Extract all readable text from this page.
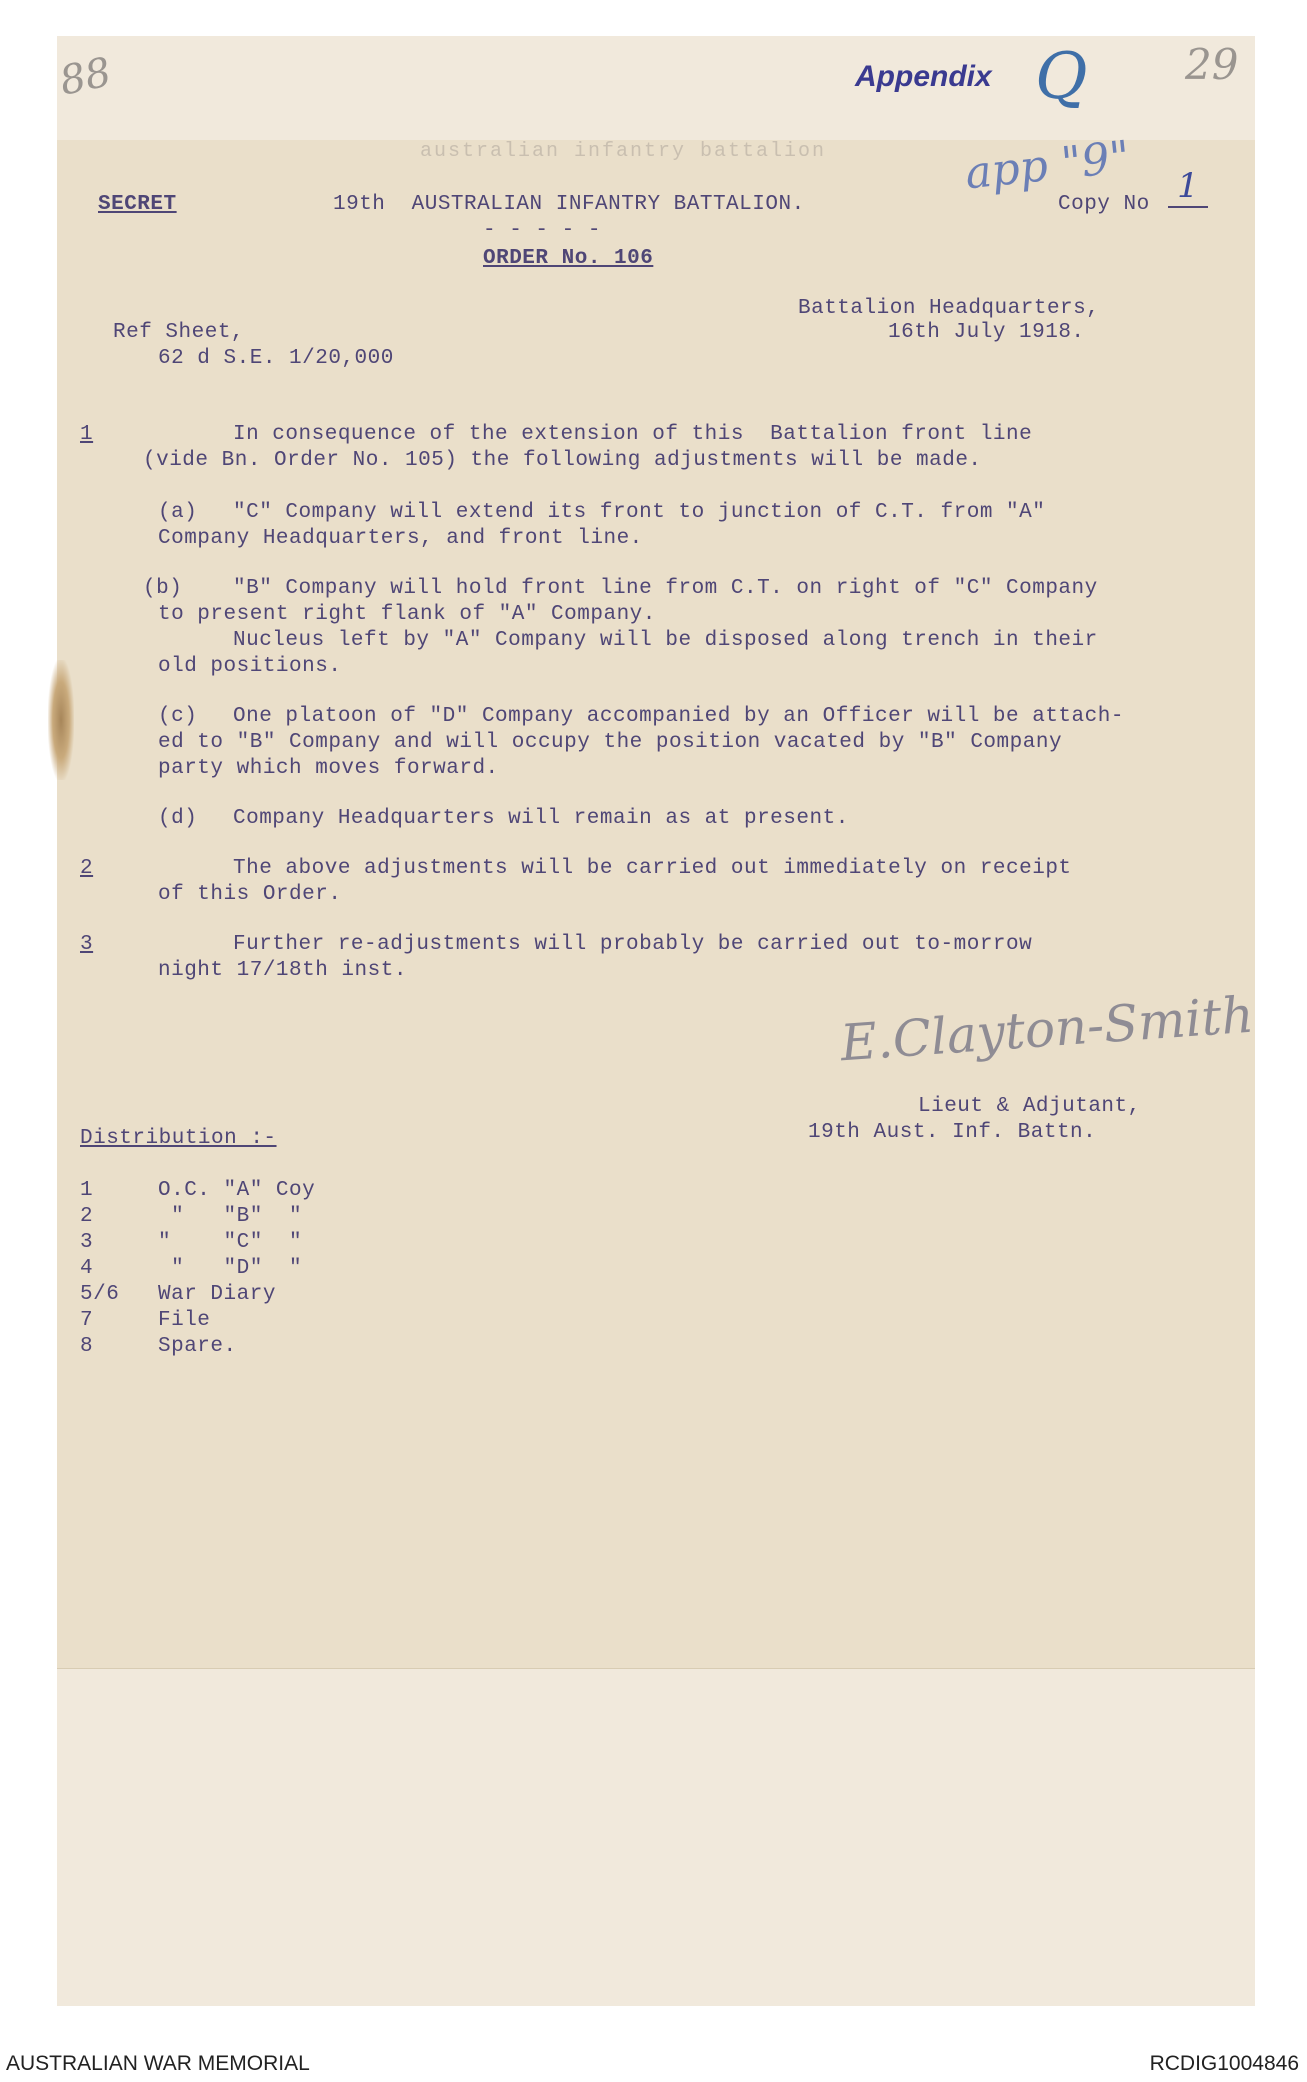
88	29
Appendix Q
app "9"
australian infantry battalion
SECRET	19th  AUSTRALIAN INFANTRY BATTALION.	Copy No 1
- - - - -
ORDER No. 106
Ref Sheet,
62 d S.E. 1/20,000
Battalion Headquarters,
16th July 1918.
1	In consequence of the extension of this  Battalion front line
(vide Bn. Order No. 105) the following adjustments will be made.
(a) "C" Company will extend its front to junction of C.T. from "A"
Company Headquarters, and front line.
(b) "B" Company will hold front line from C.T. on right of "C" Company
to present right flank of "A" Company.
Nucleus left by "A" Company will be disposed along trench in their
old positions.
(c) One platoon of "D" Company accompanied by an Officer will be attach-
ed to "B" Company and will occupy the position vacated by "B" Company
party which moves forward.
(d) Company Headquarters will remain as at present.
2	The above adjustments will be carried out immediately on receipt
of this Order.
3	Further re-adjustments will probably be carried out to-morrow
night 17/18th inst.
E.Clayton-Smith
Lieut & Adjutant,
19th Aust. Inf. Battn.
Distribution :-
1	O.C. "A" Coy
2	"   "B"  "
3	"    "C"  "
4	"   "D"  "
5/6 War Diary
7	File
8	Spare.
AUSTRALIAN WAR MEMORIAL	RCDIG1004846
